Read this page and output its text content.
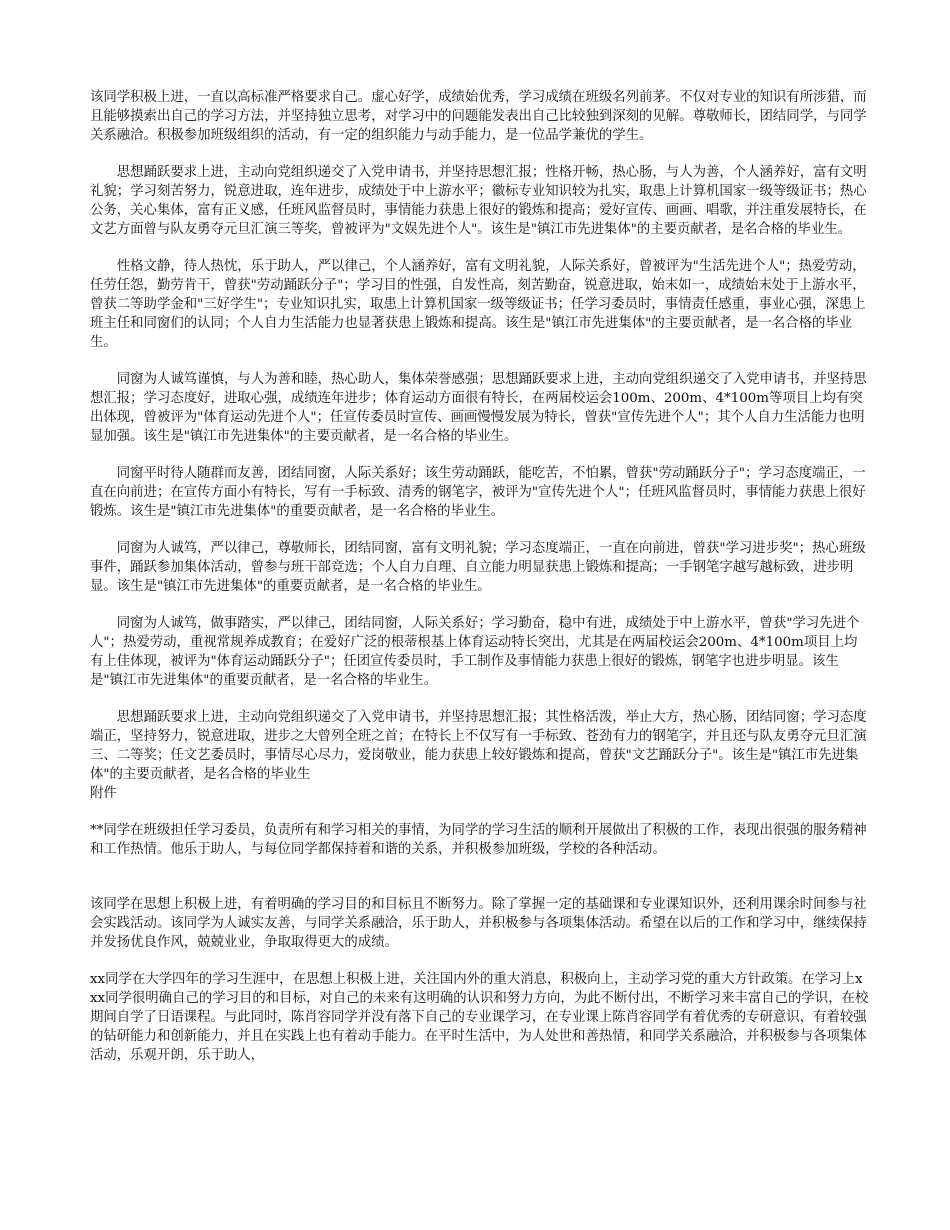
该同学积极上进，一直以高标准严格要求自己。虚心好学，成绩始优秀，学习成绩在班级名列前茅。不仅对专业的知识有所涉猎，而且能够摸索出自己的学习方法，并坚持独立思考，对学习中的问题能发表出自己比较独到深刻的见解。尊敬师长，团结同学，与同学关系融洽。积极参加班级组织的活动，有一定的组织能力与动手能力，是一位品学兼优的学生。

思想踊跃要求上进，主动向党组织递交了入党申请书，并坚持思想汇报；性格开畅，热心肠，与人为善，个人涵养好，富有文明礼貌；学习刻苦努力，锐意进取，连年进步，成绩处于中上游水平；徽标专业知识较为扎实，取患上计算机国家一级等级证书；热心公务，关心集体，富有正义感，任班风监督员时，事情能力获患上很好的锻炼和提高；爱好宣传、画画、唱歌，并注重发展特长，在文艺方面曾与队友勇夺元旦汇演三等奖，曾被评为"文娱先进个人"。该生是"镇江市先进集体"的主要贡献者，是名合格的毕业生。

性格文静，待人热忱，乐于助人，严以律己，个人涵养好，富有文明礼貌，人际关系好，曾被评为"生活先进个人"；热爱劳动，任劳任怨，勤劳肯干，曾获"劳动踊跃分子"；学习目的性强，自发性高，刻苦勤奋，锐意进取，始末如一，成绩始末处于上游水平，曾获二等助学金和"三好学生"；专业知识扎实，取患上计算机国家一级等级证书；任学习委员时，事情责任感重，事业心强，深患上班主任和同窗们的认同；个人自力生活能力也显著获患上锻炼和提高。该生是"镇江市先进集体"的主要贡献者，是一名合格的毕业生。

同窗为人诚笃谨慎，与人为善和睦，热心助人，集体荣誉感强；思想踊跃要求上进，主动向党组织递交了入党申请书，并坚持思想汇报；学习态度好，进取心强，成绩连年进步；体育运动方面很有特长，在两届校运会100m、200m、4*100m等项目上均有突出体现，曾被评为"体育运动先进个人"；任宣传委员时宣传、画画慢慢发展为特长，曾获"宣传先进个人"；其个人自力生活能力也明显加强。该生是"镇江市先进集体"的主要贡献者，是一名合格的毕业生。

同窗平时待人随群而友善，团结同窗，人际关系好；该生劳动踊跃，能吃苦，不怕累，曾获"劳动踊跃分子"；学习态度端正，一直在向前进；在宣传方面小有特长，写有一手标致、清秀的钢笔字，被评为"宣传先进个人"；任班风监督员时，事情能力获患上很好锻炼。该生是"镇江市先进集体"的重要贡献者，是一名合格的毕业生。

同窗为人诚笃，严以律己，尊敬师长，团结同窗，富有文明礼貌；学习态度端正，一直在向前进，曾获"学习进步奖"；热心班级事件，踊跃参加集体活动，曾参与班干部竞选；个人自力自理、自立能力明显获患上锻炼和提高；一手钢笔字越写越标致，进步明显。该生是"镇江市先进集体"的重要贡献者，是一名合格的毕业生。

同窗为人诚笃，做事踏实，严以律己，团结同窗，人际关系好；学习勤奋，稳中有进，成绩处于中上游水平，曾获"学习先进个人"；热爱劳动，重视常规养成教育；在爱好广泛的根蒂根基上体育运动特长突出，尤其是在两届校运会200m、4*100m项目上均有上佳体现，被评为"体育运动踊跃分子"；任团宣传委员时，手工制作及事情能力获患上很好的锻炼，钢笔字也进步明显。该生是"镇江市先进集体"的重要贡献者，是一名合格的毕业生。

思想踊跃要求上进，主动向党组织递交了入党申请书，并坚持思想汇报；其性格活泼，举止大方，热心肠，团结同窗；学习态度端正，坚持努力，锐意进取，进步之大曾列全班之首；在特长上不仅写有一手标致、苍劲有力的钢笔字，并且还与队友勇夺元旦汇演三、二等奖；任文艺委员时，事情尽心尽力，爱岗敬业，能力获患上较好锻炼和提高，曾获"文艺踊跃分子"。该生是"镇江市先进集体"的主要贡献者，是名合格的毕业生

附件

**同学在班级担任学习委员，负责所有和学习相关的事情，为同学的学习生活的顺利开展做出了积极的工作，表现出很强的服务精神和工作热情。他乐于助人，与每位同学都保持着和谐的关系，并积极参加班级，学校的各种活动。

该同学在思想上积极上进，有着明确的学习目的和目标且不断努力。除了掌握一定的基础课和专业课知识外，还利用课余时间参与社会实践活动。该同学为人诚实友善，与同学关系融洽，乐于助人，并积极参与各项集体活动。希望在以后的工作和学习中，继续保持并发扬优良作风，兢兢业业，争取取得更大的成绩。

xx同学在大学四年的学习生涯中，在思想上积极上进，关注国内外的重大消息，积极向上，主动学习党的重大方针政策。在学习上xxx同学很明确自己的学习目的和目标，对自己的未来有这明确的认识和努力方向，为此不断付出，不断学习来丰富自己的学识，在校期间自学了日语课程。与此同时，陈肖容同学并没有落下自己的专业课学习，在专业课上陈肖容同学有着优秀的专研意识，有着较强的钻研能力和创新能力，并且在实践上也有着动手能力。在平时生活中，为人处世和善热情，和同学关系融洽，并积极参与各项集体活动，乐观开朗，乐于助人，
